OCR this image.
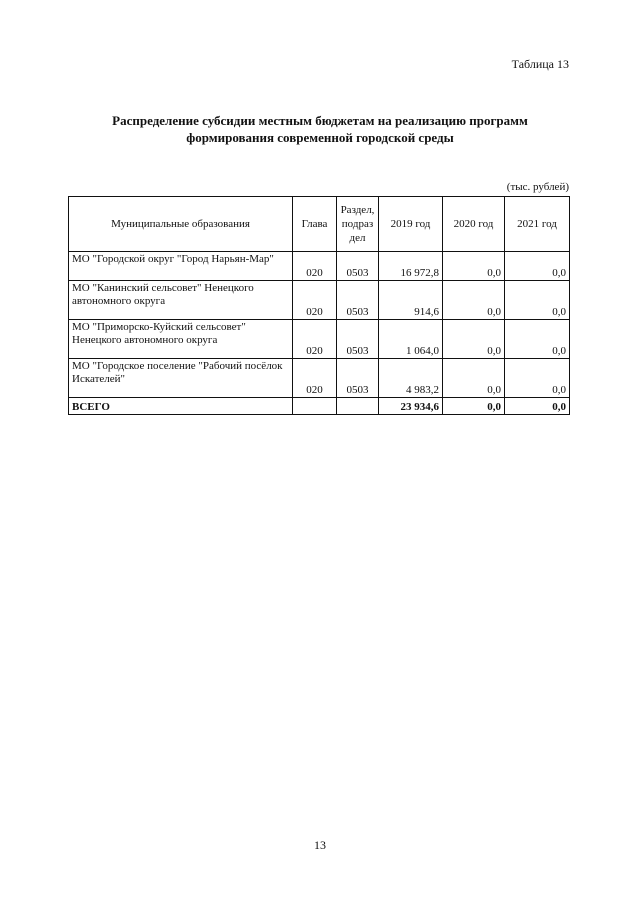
Таблица 13
Распределение субсидии местным бюджетам на реализацию программ
формирования современной городской среды
(тыс. рублей)
Муниципальные образования	Глава	Раздел, подраз дел	2019 год	2020 год	2021 год
МО "Городской округ "Город Нарьян-Мар"	020	0503	16 972,8	0,0	0,0
МО "Канинский сельсовет" Ненецкого автономного округа	020	0503	914,6	0,0	0,0
МО "Приморско-Куйский сельсовет" Ненецкого автономного округа	020	0503	1 064,0	0,0	0,0
МО "Городское поселение "Рабочий посёлок Искателей"	020	0503	4 983,2	0,0	0,0
ВСЕГО			23 934,6	0,0	0,0
13
